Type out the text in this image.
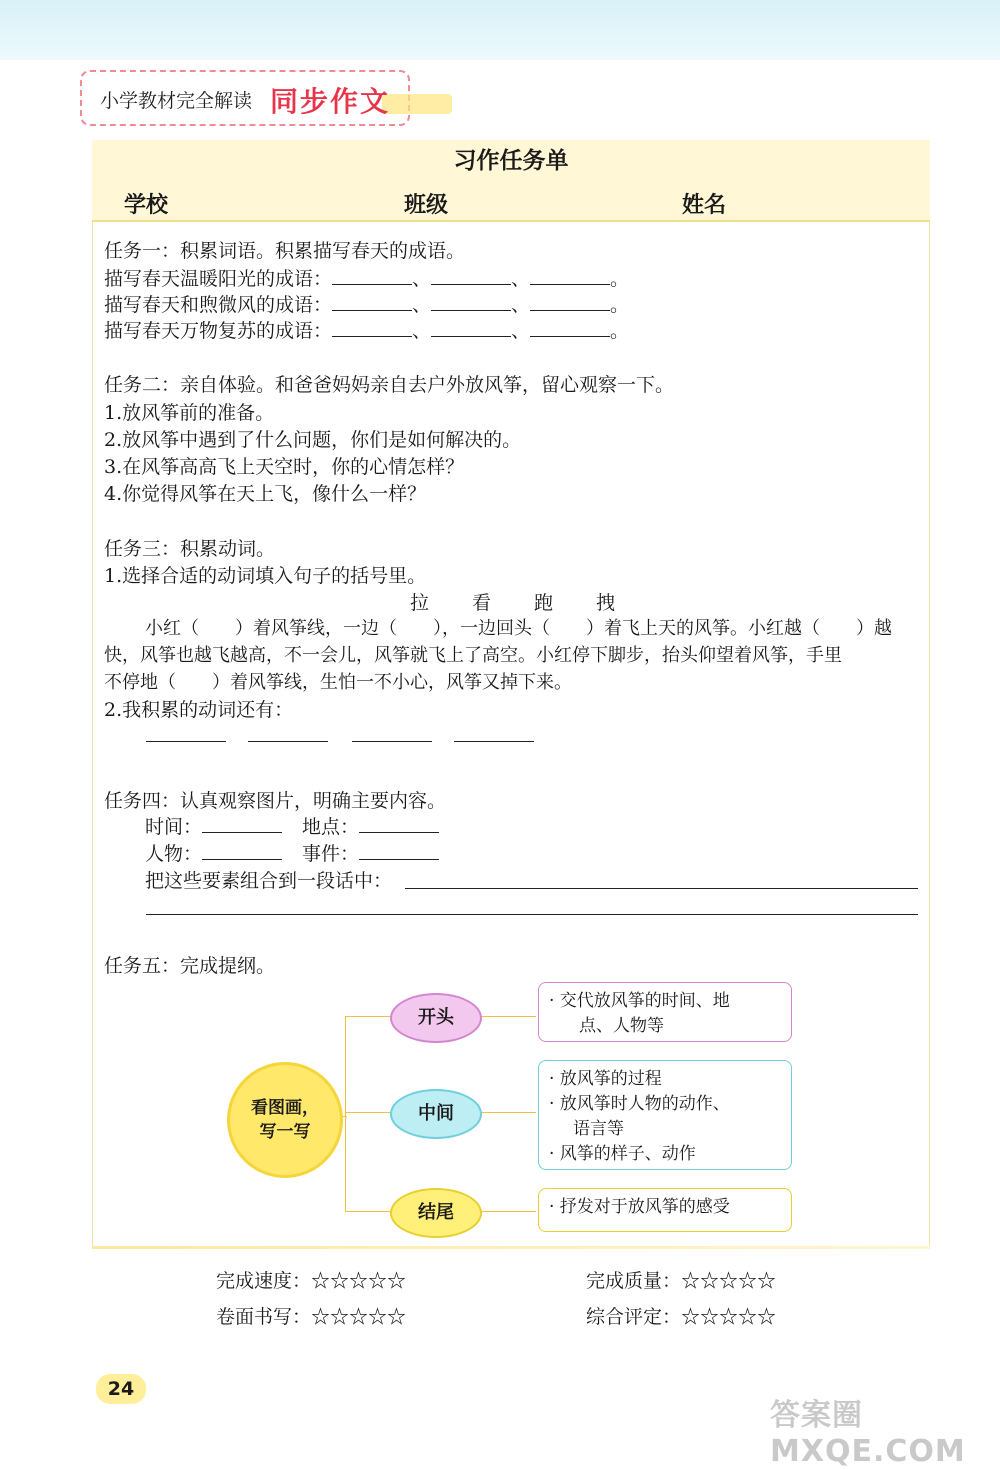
小学教材完全解读 同步作文
习作任务单
学校	班级	姓名
任务一：积累词语。积累描写春天的成语。
描写春天温暖阳光的成语：	、	、	。
描写春天和煦微风的成语：	、	、	。
描写春天万物复苏的成语：	、	、	。
任务二：亲自体验。和爸爸妈妈亲自去户外放风筝，留心观察一下。
1.放风筝前的准备。
2.放风筝中遇到了什么问题，你们是如何解决的。
3.在风筝高高飞上天空时，你的心情怎样？
4.你觉得风筝在天上飞，像什么一样？
任务三：积累动词。
1.选择合适的动词填入句子的括号里。
拉 看 跑 拽
小红（　　）着风筝线，一边（　　），一边回头（　　）着飞上天的风筝。小红越（　　）越
快，风筝也越飞越高，不一会儿，风筝就飞上了高空。小红停下脚步，抬头仰望着风筝，手里
不停地（　　）着风筝线，生怕一不小心，风筝又掉下来。
2.我积累的动词还有：
任务四：认真观察图片，明确主要内容。
时间：	地点：
人物：	事件：
把这些要素组合到一段话中：
任务五：完成提纲。
看图画，
写一写
开头
中间
结尾
· 交代放风筝的时间、地
点、人物等
· 放风筝的过程
· 放风筝时人物的动作、
语言等
· 风筝的样子、动作
· 抒发对于放风筝的感受
完成速度：☆☆☆☆☆	完成质量：☆☆☆☆☆
卷面书写：☆☆☆☆☆	综合评定：☆☆☆☆☆
24
答案圈 MXQE.COM
